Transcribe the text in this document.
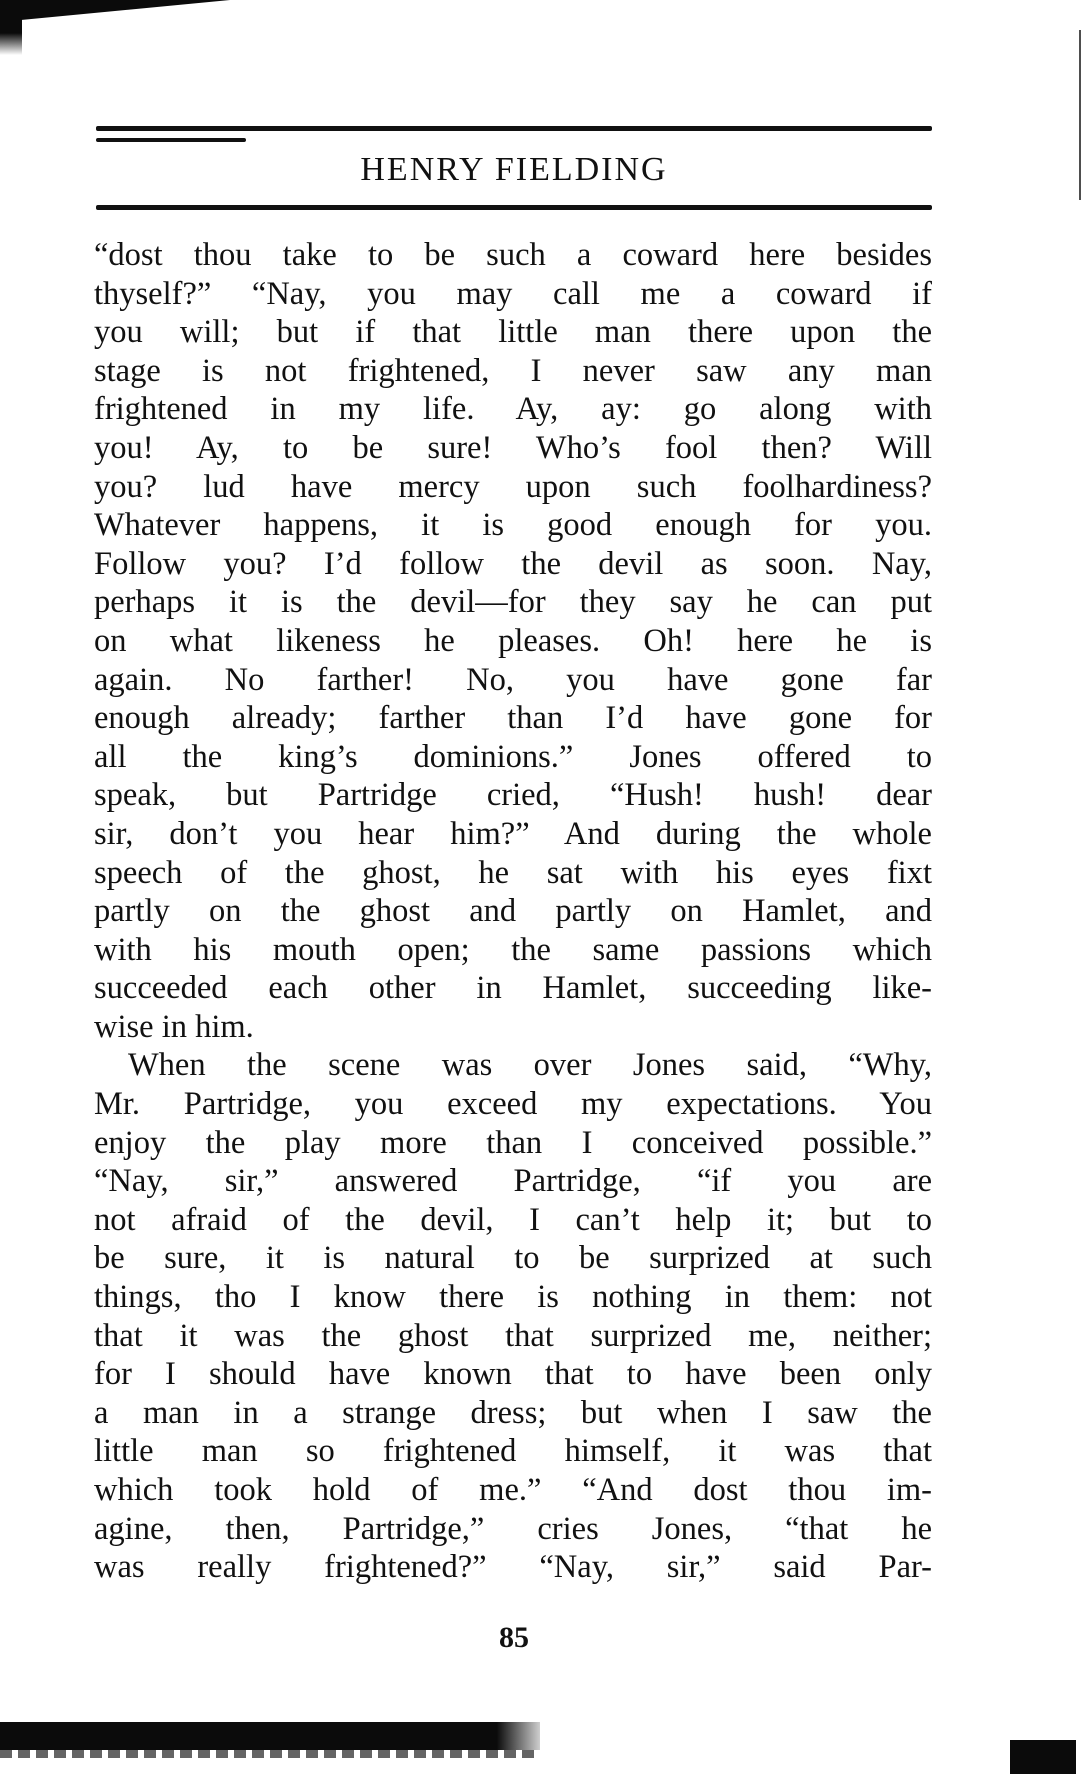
HENRY FIELDING

“dost thou take to be such a coward here besides
thyself?” “Nay, you may call me a coward if
you will; but if that little man there upon the
stage is not frightened, I never saw any man
frightened in my life. Ay, ay: go along with
you! Ay, to be sure! Who’s fool then? Will
you? lud have mercy upon such foolhardiness?
Whatever happens, it is good enough for you.
Follow you? I’d follow the devil as soon. Nay,
perhaps it is the devil—for they say he can put
on what likeness he pleases. Oh! here he is
again. No farther! No, you have gone far
enough already; farther than I’d have gone for
all the king’s dominions.” Jones offered to
speak, but Partridge cried, “Hush! hush! dear
sir, don’t you hear him?” And during the whole
speech of the ghost, he sat with his eyes fixt
partly on the ghost and partly on Hamlet, and
with his mouth open; the same passions which
succeeded each other in Hamlet, succeeding like-
wise in him.

When the scene was over Jones said, “Why,
Mr. Partridge, you exceed my expectations. You
enjoy the play more than I conceived possible.”
“Nay, sir,” answered Partridge, “if you are
not afraid of the devil, I can’t help it; but to
be sure, it is natural to be surprized at such
things, tho I know there is nothing in them: not
that it was the ghost that surprized me, neither;
for I should have known that to have been only
a man in a strange dress; but when I saw the
little man so frightened himself, it was that
which took hold of me.” “And dost thou im-
agine, then, Partridge,” cries Jones, “that he
was really frightened?” “Nay, sir,” said Par-

85
